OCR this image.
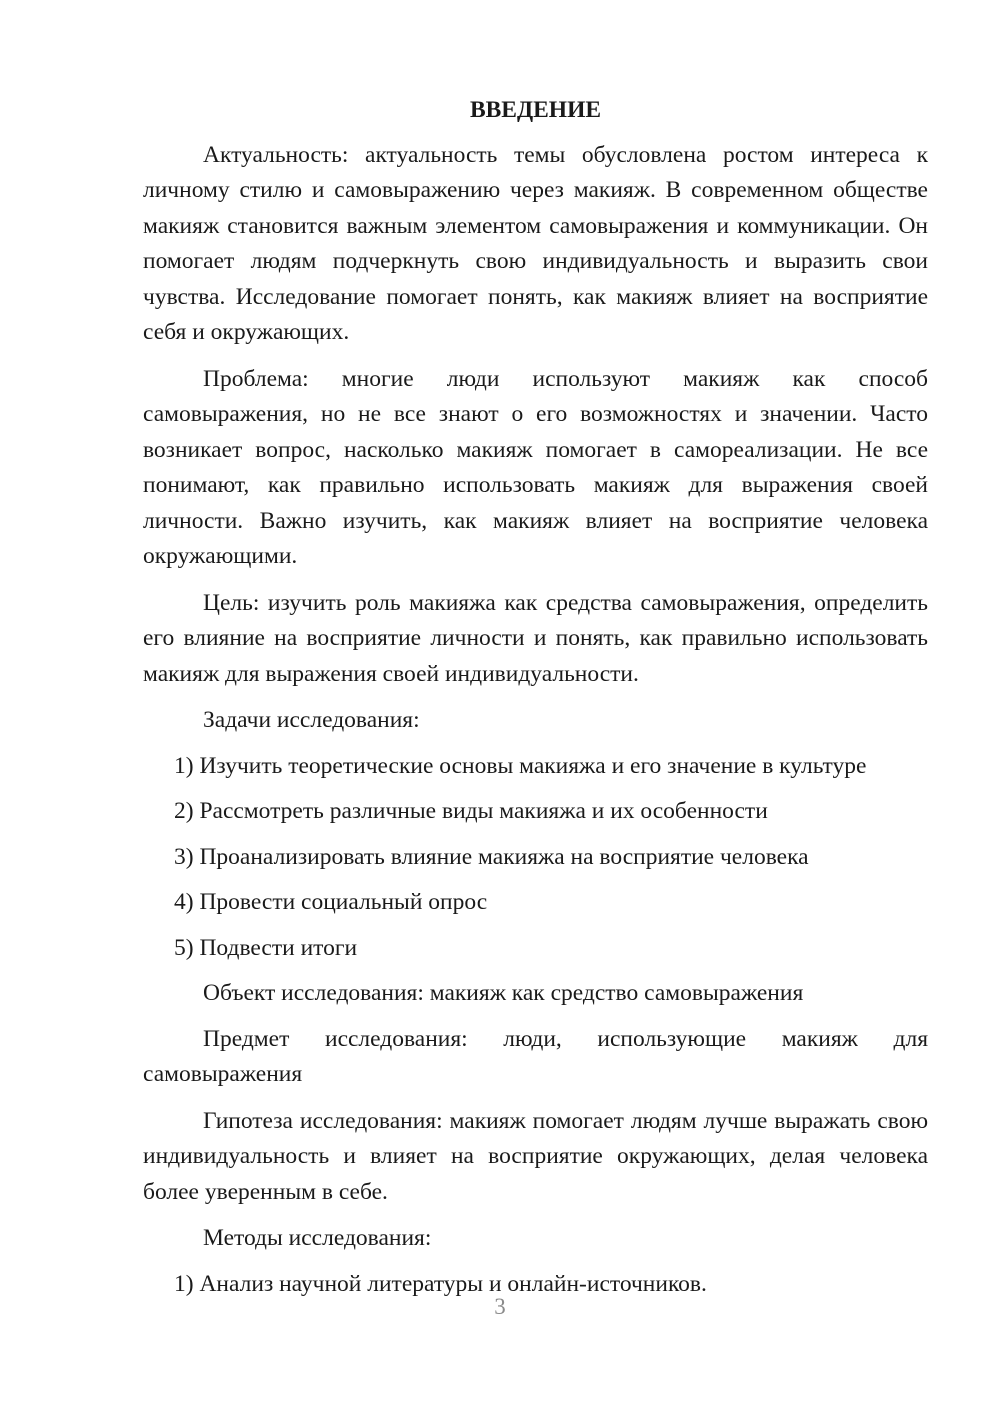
ВВЕДЕНИЕ
Актуальность: актуальность темы обусловлена ростом интереса к личному стилю и самовыражению через макияж. В современном обществе макияж становится важным элементом самовыражения и коммуникации. Он помогает людям подчеркнуть свою индивидуальность и выразить свои чувства. Исследование помогает понять, как макияж влияет на восприятие себя и окружающих.
Проблема: многие люди используют макияж как способ самовыражения, но не все знают о его возможностях и значении. Часто возникает вопрос, насколько макияж помогает в самореализации. Не все понимают, как правильно использовать макияж для выражения своей личности. Важно изучить, как макияж влияет на восприятие человека окружающими.
Цель: изучить роль макияжа как средства самовыражения, определить его влияние на восприятие личности и понять, как правильно использовать макияж для выражения своей индивидуальности.
Задачи исследования:
1) Изучить теоретические основы макияжа и его значение в культуре
2) Рассмотреть различные виды макияжа и их особенности
3) Проанализировать влияние макияжа на восприятие человека
4) Провести социальный опрос
5) Подвести итоги
Объект исследования: макияж как средство самовыражения
Предмет исследования: люди, использующие макияж для самовыражения
Гипотеза исследования: макияж помогает людям лучше выражать свою индивидуальность и влияет на восприятие окружающих, делая человека более уверенным в себе.
Методы исследования:
1) Анализ научной литературы и онлайн-источников.
3
